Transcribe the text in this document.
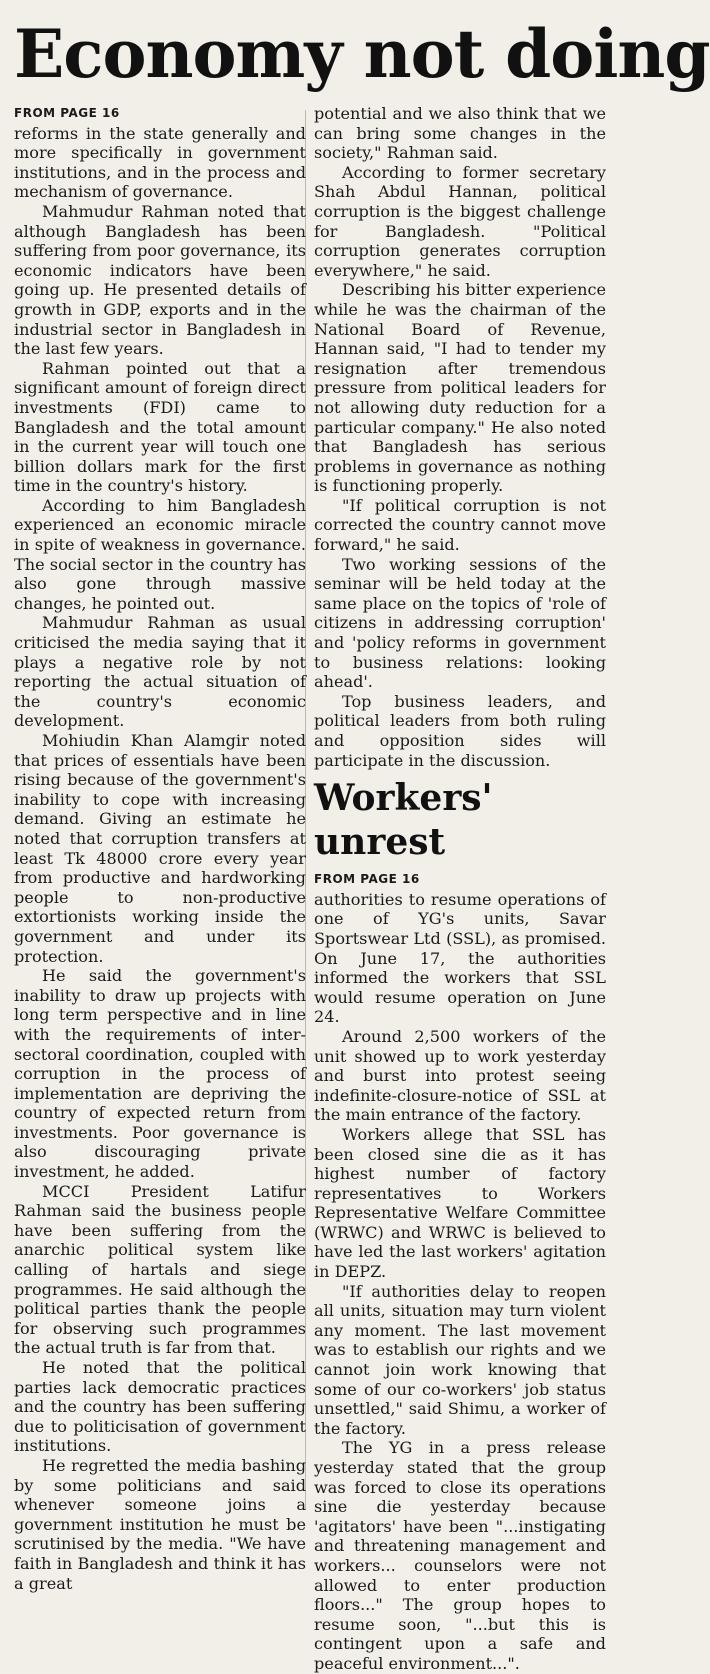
Economy not doing
FROM PAGE 16

reforms in the state generally and more specifically in government institutions, and in the process and mechanism of governance.

Mahmudur Rahman noted that although Bangladesh has been suffering from poor governance, its economic indicators have been going up. He presented details of growth in GDP, exports and in the industrial sector in Bangladesh in the last few years.

Rahman pointed out that a significant amount of foreign direct investments (FDI) came to Bangladesh and the total amount in the current year will touch one billion dollars mark for the first time in the country's history.

According to him Bangladesh experienced an economic miracle in spite of weakness in governance. The social sector in the country has also gone through massive changes, he pointed out.

Mahmudur Rahman as usual criticised the media saying that it plays a negative role by not reporting the actual situation of the country's economic development.

Mohiudin Khan Alamgir noted that prices of essentials have been rising because of the government's inability to cope with increasing demand. Giving an estimate he noted that corruption transfers at least Tk 48000 crore every year from productive and hardworking people to non-productive extortionists working inside the government and under its protection.

He said the government's inability to draw up projects with long term perspective and in line with the requirements of inter-sectoral coordination, coupled with corruption in the process of implementation are depriving the country of expected return from investments. Poor governance is also discouraging private investment, he added.

MCCI President Latifur Rahman said the business people have been suffering from the anarchic political system like calling of hartals and siege programmes. He said although the political parties thank the people for observing such programmes the actual truth is far from that.

He noted that the political parties lack democratic practices and the country has been suffering due to politicisation of government institutions.

He regretted the media bashing by some politicians and said whenever someone joins a government institution he must be scrutinised by the media. "We have faith in Bangladesh and think it has a great

potential and we also think that we can bring some changes in the society," Rahman said.

According to former secretary Shah Abdul Hannan, political corruption is the biggest challenge for Bangladesh. "Political corruption generates corruption everywhere," he said.

Describing his bitter experience while he was the chairman of the National Board of Revenue, Hannan said, "I had to tender my resignation after tremendous pressure from political leaders for not allowing duty reduction for a particular company." He also noted that Bangladesh has serious problems in governance as nothing is functioning properly.

"If political corruption is not corrected the country cannot move forward," he said.

Two working sessions of the seminar will be held today at the same place on the topics of 'role of citizens in addressing corruption' and 'policy reforms in government to business relations: looking ahead'.

Top business leaders, and political leaders from both ruling and opposition sides will participate in the discussion.

Workers' unrest
FROM PAGE 16

authorities to resume operations of one of YG's units, Savar Sportswear Ltd (SSL), as promised. On June 17, the authorities informed the workers that SSL would resume operation on June 24.

Around 2,500 workers of the unit showed up to work yesterday and burst into protest seeing indefinite-closure-notice of SSL at the main entrance of the factory.

Workers allege that SSL has been closed sine die as it has highest number of factory representatives to Workers Representative Welfare Committee (WRWC) and WRWC is believed to have led the last workers' agitation in DEPZ.

"If authorities delay to reopen all units, situation may turn violent any moment. The last movement was to establish our rights and we cannot join work knowing that some of our co-workers' job status unsettled," said Shimu, a worker of the factory.

The YG in a press release yesterday stated that the group was forced to close its operations sine die yesterday because 'agitators' have been "...instigating and threatening management and workers... counselors were not allowed to enter production floors..." The group hopes to resume soon, "...but this is contingent upon a safe and peaceful environment...".
